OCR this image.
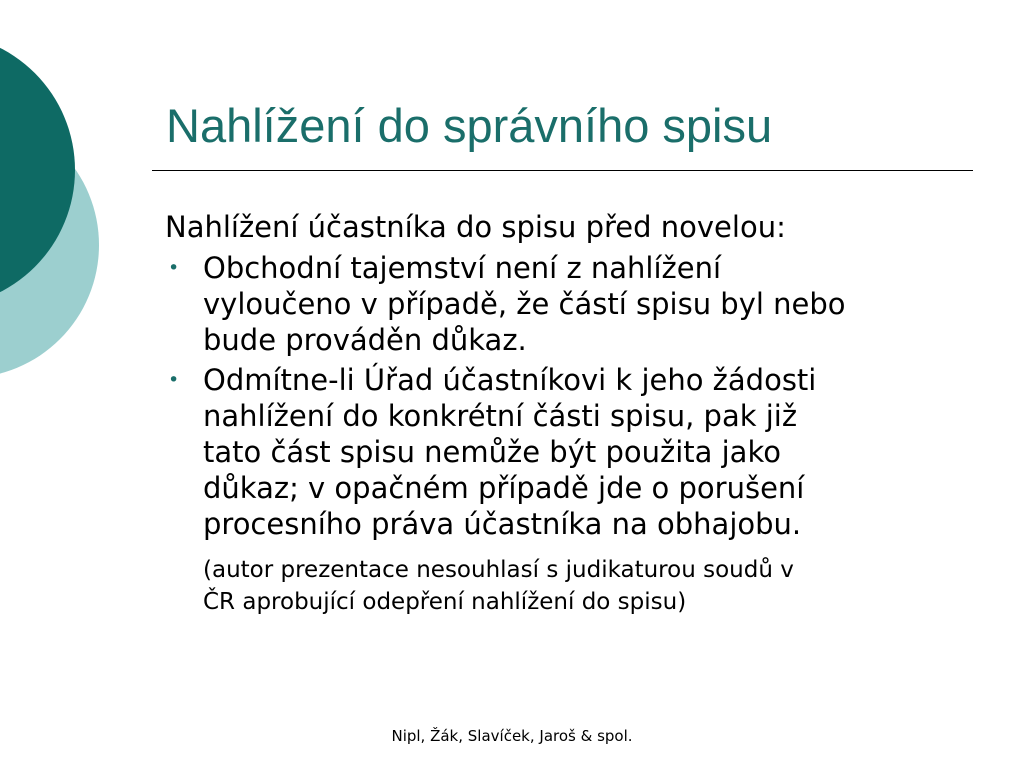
Nahlížení do správního spisu

Nahlížení účastníka do spisu před novelou:

• Obchodní tajemství není z nahlížení
vyloučeno v případě, že částí spisu byl nebo
bude prováděn důkaz.
• Odmítne-li Úřad účastníkovi k jeho žádosti
nahlížení do konkrétní části spisu, pak již
tato část spisu nemůže být použita jako
důkaz; v opačném případě jde o porušení
procesního práva účastníka na obhajobu.

(autor prezentace nesouhlasí s judikaturou soudů v
ČR aprobující odepření nahlížení do spisu)

Nipl, Žák, Slavíček, Jaroš & spol.
